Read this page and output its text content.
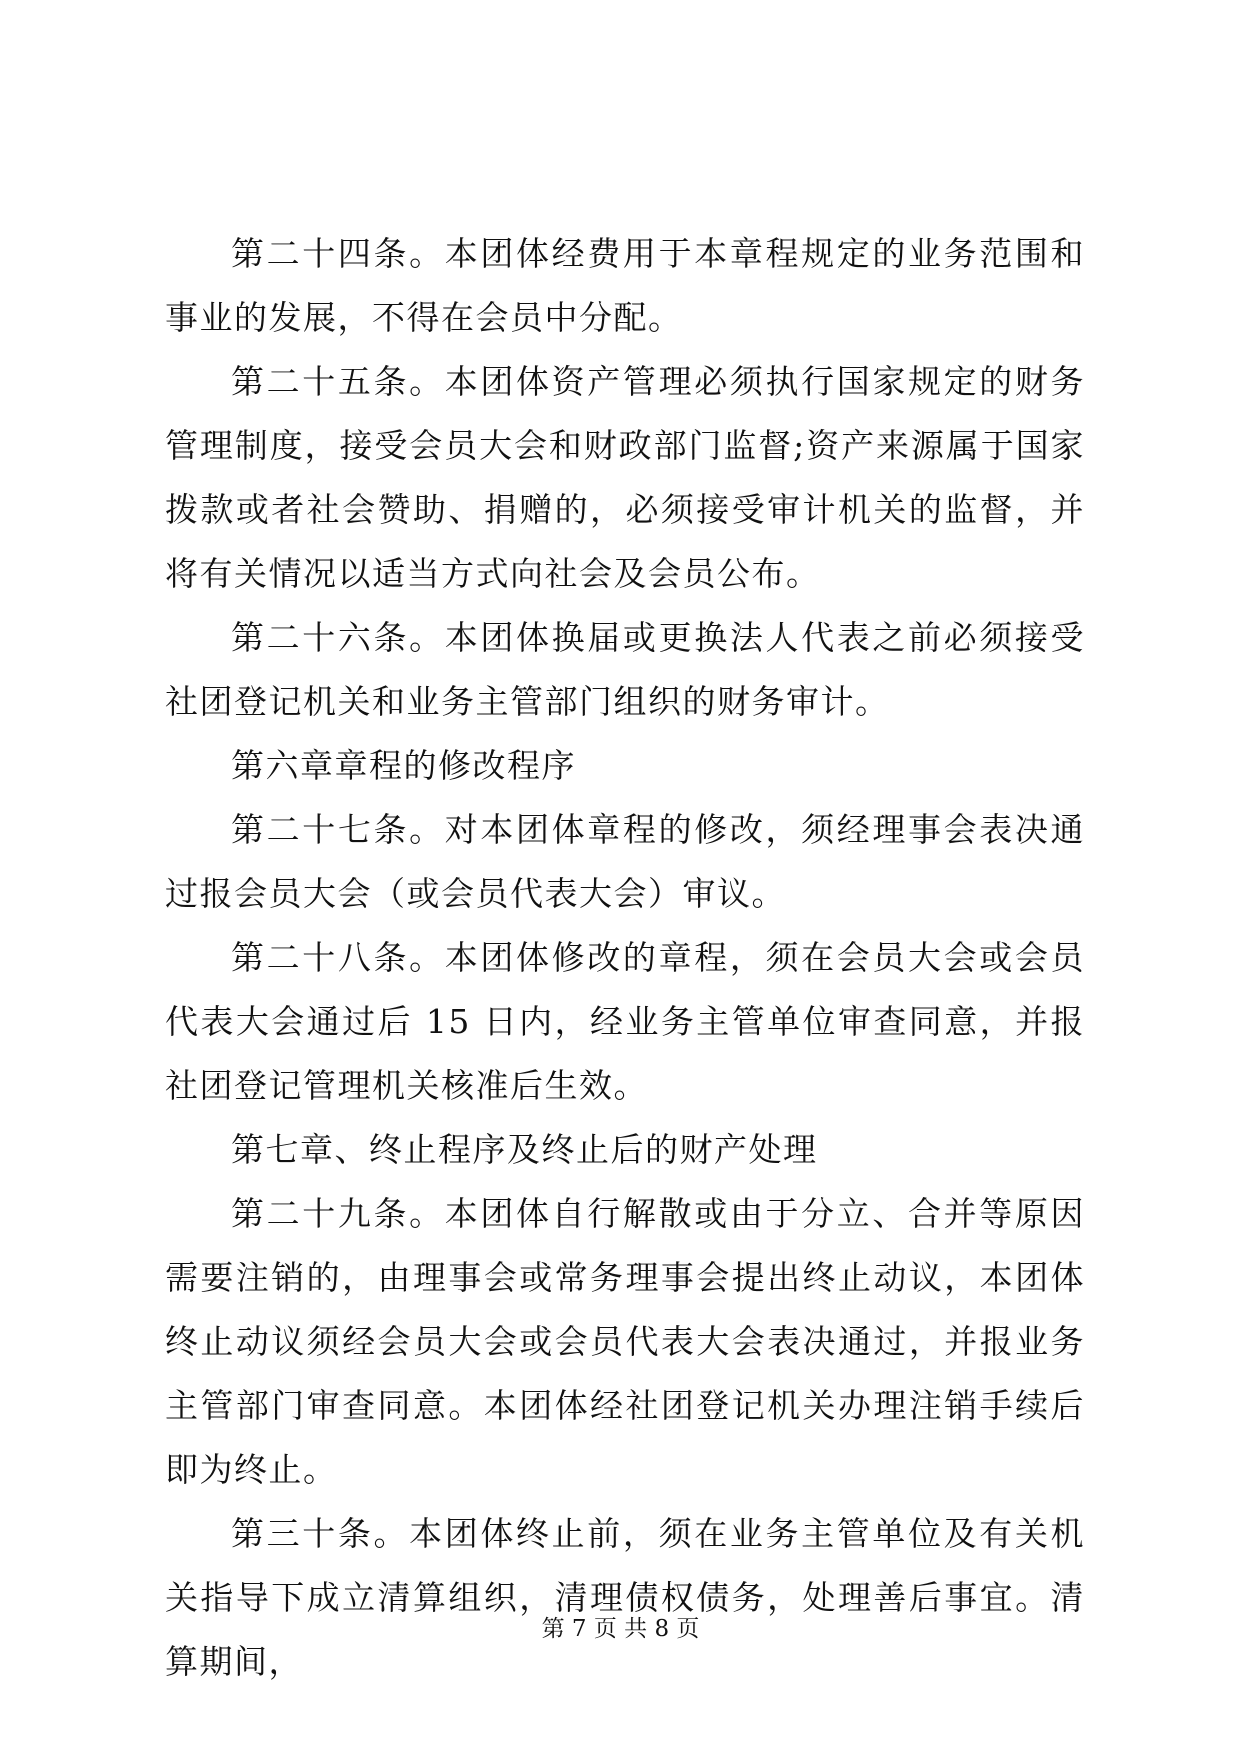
第二十四条。本团体经费用于本章程规定的业务范围和事业的发展，不得在会员中分配。

第二十五条。本团体资产管理必须执行国家规定的财务管理制度，接受会员大会和财政部门监督;资产来源属于国家拨款或者社会赞助、捐赠的，必须接受审计机关的监督，并将有关情况以适当方式向社会及会员公布。

第二十六条。本团体换届或更换法人代表之前必须接受社团登记机关和业务主管部门组织的财务审计。

第六章章程的修改程序

第二十七条。对本团体章程的修改，须经理事会表决通过报会员大会（或会员代表大会）审议。

第二十八条。本团体修改的章程，须在会员大会或会员代表大会通过后 15 日内，经业务主管单位审查同意，并报社团登记管理机关核准后生效。

第七章、终止程序及终止后的财产处理

第二十九条。本团体自行解散或由于分立、合并等原因需要注销的，由理事会或常务理事会提出终止动议，本团体终止动议须经会员大会或会员代表大会表决通过，并报业务主管部门审查同意。本团体经社团登记机关办理注销手续后即为终止。

第三十条。本团体终止前，须在业务主管单位及有关机关指导下成立清算组织，清理债权债务，处理善后事宜。清算期间，

第 7 页 共 8 页
